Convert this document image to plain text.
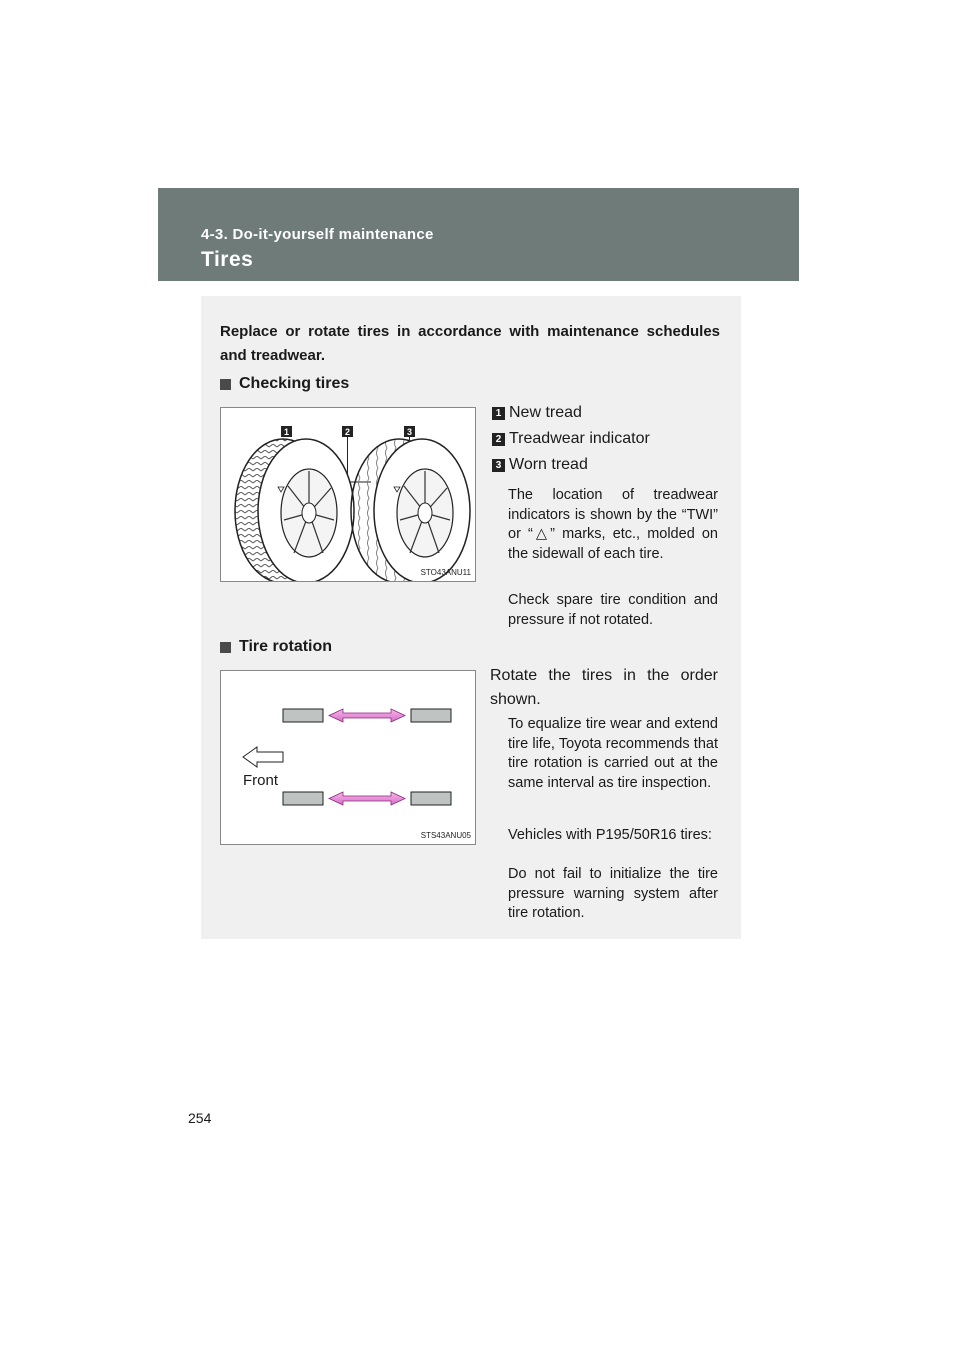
4-3. Do-it-yourself maintenance
Tires
Replace or rotate tires in accordance with maintenance schedules and treadwear.
Checking tires
1	2	3
STO43ANU11
1 New tread
2 Treadwear indicator
3 Worn tread
The location of treadwear indicators is shown by the “TWI” or “△” marks, etc., molded on the sidewall of each tire.
Check spare tire condition and pressure if not rotated.
Tire rotation
Front
STS43ANU05
Rotate the tires in the order shown.
To equalize tire wear and extend tire life, Toyota recommends that tire rotation is carried out at the same interval as tire inspection.
Vehicles with P195/50R16 tires:
Do not fail to initialize the tire pressure warning system after tire rotation.
254
